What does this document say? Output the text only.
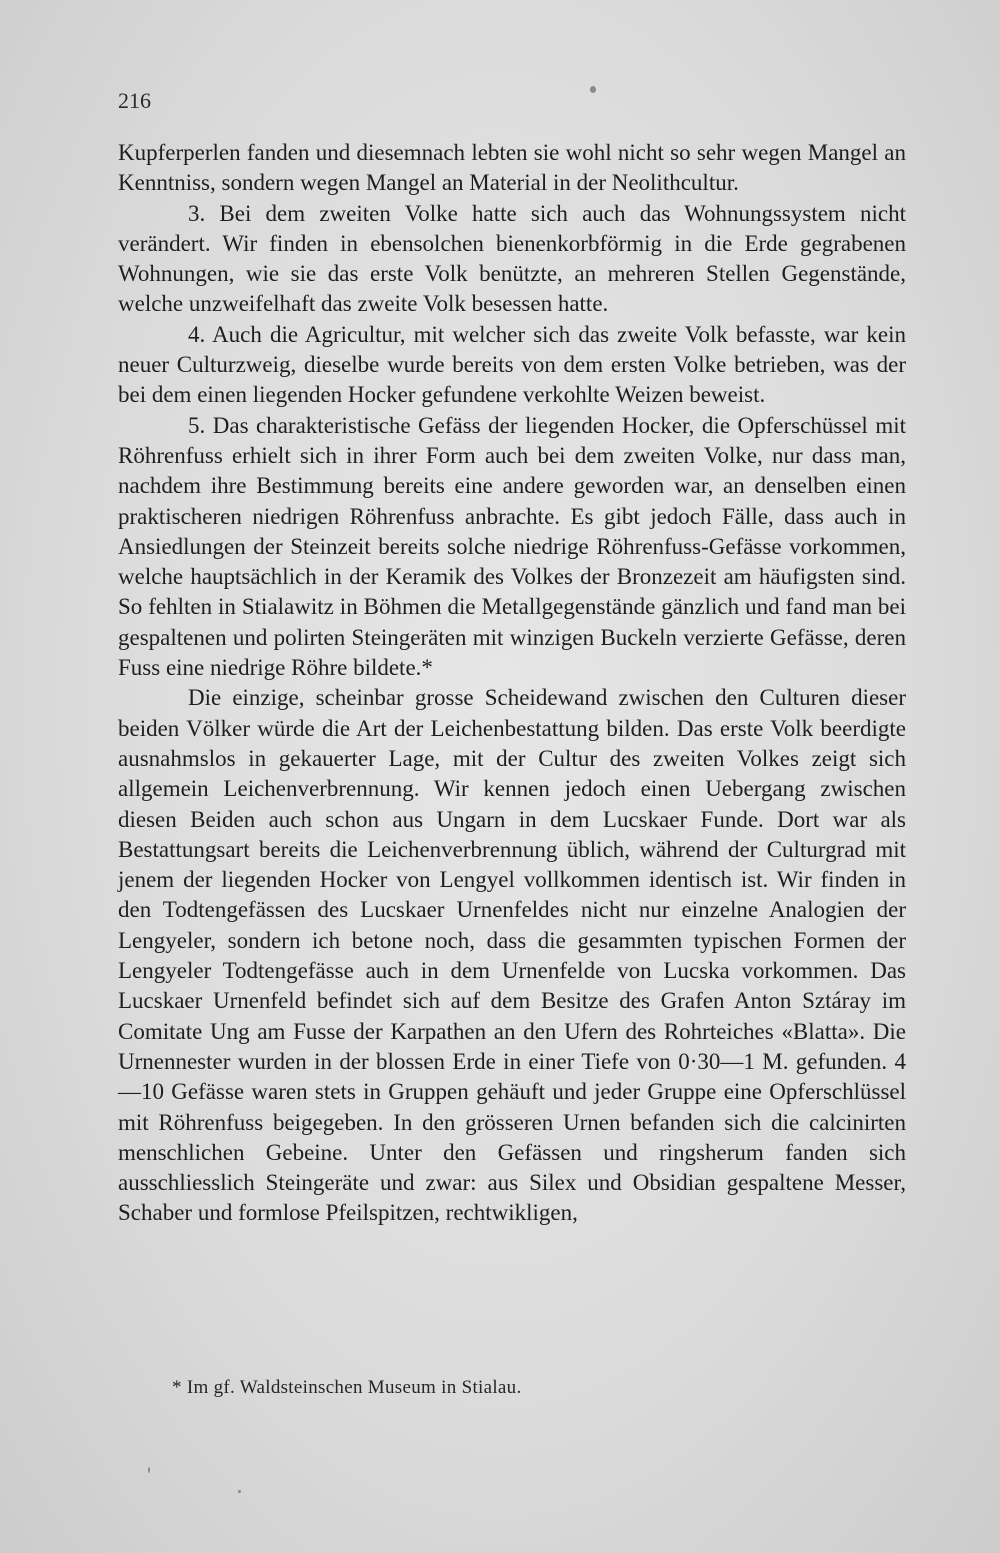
216

Kupferperlen fanden und diesemnach lebten sie wohl nicht so sehr wegen Mangel an Kenntniss, sondern wegen Mangel an Material in der Neolithcultur.

3. Bei dem zweiten Volke hatte sich auch das Wohnungssystem nicht verändert. Wir finden in ebensolchen bienenkorbförmig in die Erde gegrabenen Wohnungen, wie sie das erste Volk benützte, an mehreren Stellen Gegenstände, welche unzweifelhaft das zweite Volk besessen hatte.

4. Auch die Agricultur, mit welcher sich das zweite Volk befasste, war kein neuer Culturzweig, dieselbe wurde bereits von dem ersten Volke betrieben, was der bei dem einen liegenden Hocker gefundene verkohlte Weizen beweist.

5. Das charakteristische Gefäss der liegenden Hocker, die Opferschüssel mit Röhrenfuss erhielt sich in ihrer Form auch bei dem zweiten Volke, nur dass man, nachdem ihre Bestimmung bereits eine andere geworden war, an denselben einen praktischeren niedrigen Röhrenfuss anbrachte. Es gibt jedoch Fälle, dass auch in Ansiedlungen der Steinzeit bereits solche niedrige Röhrenfuss-Gefässe vorkommen, welche hauptsächlich in der Keramik des Volkes der Bronzezeit am häufigsten sind. So fehlten in Stialawitz in Böhmen die Metallgegenstände gänzlich und fand man bei gespaltenen und polirten Steingeräten mit winzigen Buckeln verzierte Gefässe, deren Fuss eine niedrige Röhre bildete.*

Die einzige, scheinbar grosse Scheidewand zwischen den Culturen dieser beiden Völker würde die Art der Leichenbestattung bilden. Das erste Volk beerdigte ausnahmslos in gekauerter Lage, mit der Cultur des zweiten Volkes zeigt sich allgemein Leichenverbrennung. Wir kennen jedoch einen Uebergang zwischen diesen Beiden auch schon aus Ungarn in dem Lucskaer Funde. Dort war als Bestattungsart bereits die Leichenverbrennung üblich, während der Culturgrad mit jenem der liegenden Hocker von Lengyel vollkommen identisch ist. Wir finden in den Todtengefässen des Lucskaer Urnenfeldes nicht nur einzelne Analogien der Lengyeler, sondern ich betone noch, dass die gesammten typischen Formen der Lengyeler Todtengefässe auch in dem Urnenfelde von Lucska vorkommen. Das Lucskaer Urnenfeld befindet sich auf dem Besitze des Grafen Anton Sztáray im Comitate Ung am Fusse der Karpathen an den Ufern des Rohrteiches «Blatta». Die Urnennester wurden in der blossen Erde in einer Tiefe von 0·30—1 M. gefunden. 4—10 Gefässe waren stets in Gruppen gehäuft und jeder Gruppe eine Opferschlüssel mit Röhrenfuss beigegeben. In den grösseren Urnen befanden sich die calcinirten menschlichen Gebeine. Unter den Gefässen und ringsherum fanden sich ausschliesslich Steingeräte und zwar: aus Silex und Obsidian gespaltene Messer, Schaber und formlose Pfeilspitzen, rechtwikligen,

* Im gf. Waldsteinschen Museum in Stialau.
